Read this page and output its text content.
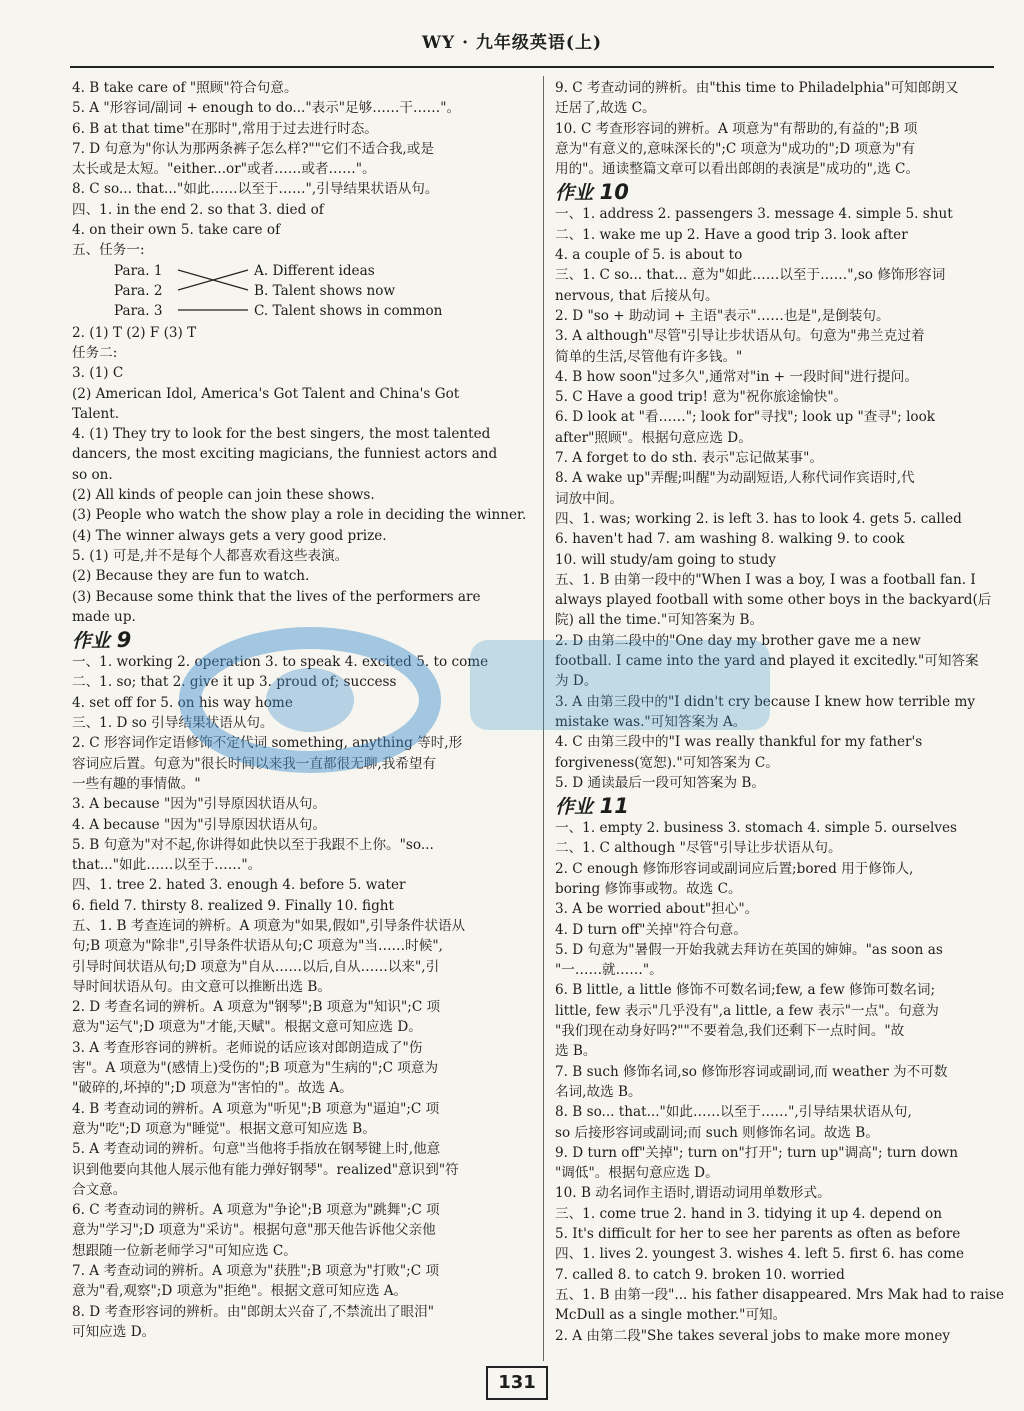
WY · 九年级英语(上)
4. B take care of "照顾"符合句意。
5. A "形容词/副词 + enough to do..."表示"足够……干……"。
6. B at that time"在那时",常用于过去进行时态。
7. D 句意为"你认为那两条裤子怎么样?""它们不适合我,或是
太长或是太短。"either...or"或者……或者……"。
8. C so... that..."如此……以至于……",引导结果状语从句。
四、1. in the end 2. so that 3. died of
4. on their own 5. take care of
五、任务一:
Para. 1
Para. 2
Para. 3
A. Different ideas
B. Talent shows now
C. Talent shows in common
2. (1) T (2) F (3) T
任务二:
3. (1) C
(2) American Idol, America's Got Talent and China's Got
Talent.
4. (1) They try to look for the best singers, the most talented
dancers, the most exciting magicians, the funniest actors and
so on.
(2) All kinds of people can join these shows.
(3) People who watch the show play a role in deciding the winner.
(4) The winner always gets a very good prize.
5. (1) 可是,并不是每个人都喜欢看这些表演。
(2) Because they are fun to watch.
(3) Because some think that the lives of the performers are
made up.
作业 9
一、1. working 2. operation 3. to speak 4. excited 5. to come
二、1. so; that 2. give it up 3. proud of; success
4. set off for 5. on his way home
三、1. D so 引导结果状语从句。
2. C 形容词作定语修饰不定代词 something, anything 等时,形
容词应后置。句意为"很长时间以来我一直都很无聊,我希望有
一些有趣的事情做。"
3. A because "因为"引导原因状语从句。
4. A because "因为"引导原因状语从句。
5. B 句意为"对不起,你讲得如此快以至于我跟不上你。"so...
that..."如此……以至于……"。
四、1. tree 2. hated 3. enough 4. before 5. water
6. field 7. thirsty 8. realized 9. Finally 10. fight
五、1. B 考查连词的辨析。A 项意为"如果,假如",引导条件状语从
句;B 项意为"除非",引导条件状语从句;C 项意为"当……时候",
引导时间状语从句;D 项意为"自从……以后,自从……以来",引
导时间状语从句。由文意可以推断出选 B。
2. D 考查名词的辨析。A 项意为"钢琴";B 项意为"知识";C 项
意为"运气";D 项意为"才能,天赋"。根据文意可知应选 D。
3. A 考查形容词的辨析。老师说的话应该对郎朗造成了"伤
害"。A 项意为"(感情上)受伤的";B 项意为"生病的";C 项意为
"破碎的,坏掉的";D 项意为"害怕的"。故选 A。
4. B 考查动词的辨析。A 项意为"听见";B 项意为"逼迫";C 项
意为"吃";D 项意为"睡觉"。根据文意可知应选 B。
5. A 考查动词的辨析。句意"当他将手指放在钢琴键上时,他意
识到他要向其他人展示他有能力弹好钢琴"。realized"意识到"符
合文意。
6. C 考查动词的辨析。A 项意为"争论";B 项意为"跳舞";C 项
意为"学习";D 项意为"采访"。根据句意"那天他告诉他父亲他
想跟随一位新老师学习"可知应选 C。
7. A 考查动词的辨析。A 项意为"获胜";B 项意为"打败";C 项
意为"看,观察";D 项意为"拒绝"。根据文意可知应选 A。
8. D 考查形容词的辨析。由"郎朗太兴奋了,不禁流出了眼泪"
可知应选 D。
9. C 考查动词的辨析。由"this time to Philadelphia"可知郎朗又
迁居了,故选 C。
10. C 考查形容词的辨析。A 项意为"有帮助的,有益的";B 项
意为"有意义的,意味深长的";C 项意为"成功的";D 项意为"有
用的"。通读整篇文章可以看出郎朗的表演是"成功的",选 C。
作业 10
一、1. address 2. passengers 3. message 4. simple 5. shut
二、1. wake me up 2. Have a good trip 3. look after
4. a couple of 5. is about to
三、1. C so... that... 意为"如此……以至于……",so 修饰形容词
nervous, that 后接从句。
2. D "so + 助动词 + 主语"表示"……也是",是倒装句。
3. A although"尽管"引导让步状语从句。句意为"弗兰克过着
简单的生活,尽管他有许多钱。"
4. B how soon"过多久",通常对"in + 一段时间"进行提问。
5. C Have a good trip! 意为"祝你旅途愉快"。
6. D look at "看……"; look for"寻找"; look up "查寻"; look
after"照顾"。根据句意应选 D。
7. A forget to do sth. 表示"忘记做某事"。
8. A wake up"弄醒;叫醒"为动副短语,人称代词作宾语时,代
词放中间。
四、1. was; working 2. is left 3. has to look 4. gets 5. called
6. haven't had 7. am washing 8. walking 9. to cook
10. will study/am going to study
五、1. B 由第一段中的"When I was a boy, I was a football fan. I
always played football with some other boys in the backyard(后
院) all the time."可知答案为 B。
2. D 由第二段中的"One day my brother gave me a new
football. I came into the yard and played it excitedly."可知答案
为 D。
3. A 由第三段中的"I didn't cry because I knew how terrible my
mistake was."可知答案为 A。
4. C 由第三段中的"I was really thankful for my father's
forgiveness(宽恕)."可知答案为 C。
5. D 通读最后一段可知答案为 B。
作业 11
一、1. empty 2. business 3. stomach 4. simple 5. ourselves
二、1. C although "尽管"引导让步状语从句。
2. C enough 修饰形容词或副词应后置;bored 用于修饰人,
boring 修饰事或物。故选 C。
3. A be worried about"担心"。
4. D turn off"关掉"符合句意。
5. D 句意为"暑假一开始我就去拜访在英国的婶婶。"as soon as
"一……就……"。
6. B little, a little 修饰不可数名词;few, a few 修饰可数名词;
little, few 表示"几乎没有",a little, a few 表示"一点"。句意为
"我们现在动身好吗?""不要着急,我们还剩下一点时间。"故
选 B。
7. B such 修饰名词,so 修饰形容词或副词,而 weather 为不可数
名词,故选 B。
8. B so... that..."如此……以至于……",引导结果状语从句,
so 后接形容词或副词;而 such 则修饰名词。故选 B。
9. D turn off"关掉"; turn on"打开"; turn up"调高"; turn down
"调低"。根据句意应选 D。
10. B 动名词作主语时,谓语动词用单数形式。
三、1. come true 2. hand in 3. tidying it up 4. depend on
5. It's difficult for her to see her parents as often as before
四、1. lives 2. youngest 3. wishes 4. left 5. first 6. has come
7. called 8. to catch 9. broken 10. worried
五、1. B 由第一段"... his father disappeared. Mrs Mak had to raise
McDull as a single mother."可知。
2. A 由第二段"She takes several jobs to make more money
131
